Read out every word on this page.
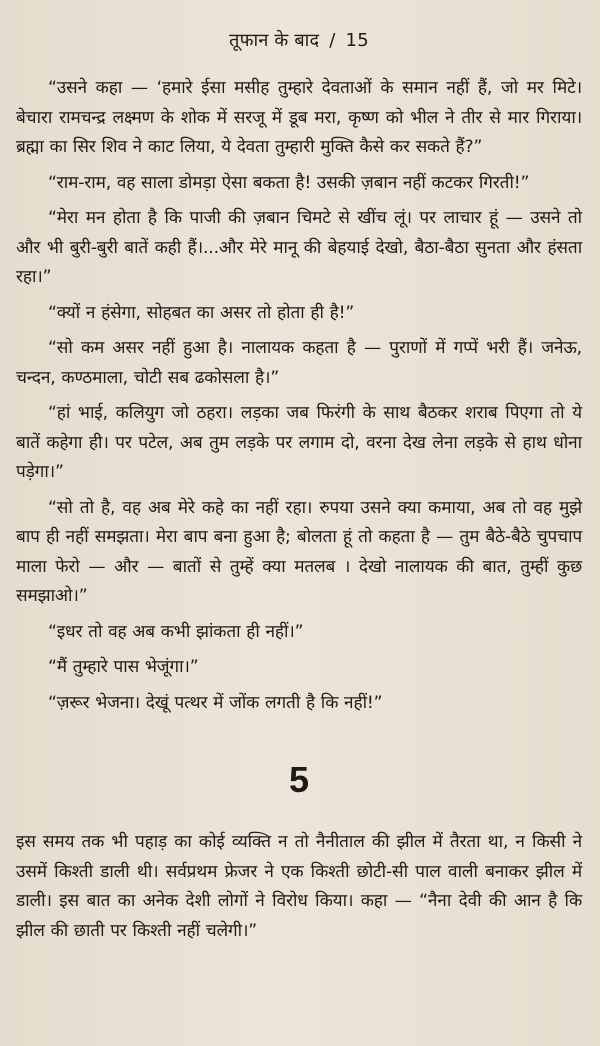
तूफान के बाद / 15

“उसने कहा — ‘हमारे ईसा मसीह तुम्हारे देवताओं के समान नहीं हैं, जो मर मिटे। बेचारा रामचन्द्र लक्ष्मण के शोक में सरजू में डूब मरा, कृष्ण को भील ने तीर से मार गिराया। ब्रह्मा का सिर शिव ने काट लिया, ये देवता तुम्हारी मुक्ति कैसे कर सकते हैं?”

“राम-राम, वह साला डोमड़ा ऐसा बकता है! उसकी ज़बान नहीं कटकर गिरती!”

“मेरा मन होता है कि पाजी की ज़बान चिमटे से खींच लूं। पर लाचार हूं — उसने तो और भी बुरी-बुरी बातें कही हैं।...और मेरे मानू की बेहयाई देखो, बैठा-बैठा सुनता और हंसता रहा।”

“क्यों न हंसेगा, सोहबत का असर तो होता ही है!”

“सो कम असर नहीं हुआ है। नालायक कहता है — पुराणों में गप्पें भरी हैं। जनेऊ, चन्दन, कण्ठमाला, चोटी सब ढकोसला है।”

“हां भाई, कलियुग जो ठहरा। लड़का जब फिरंगी के साथ बैठकर शराब पिएगा तो ये बातें कहेगा ही। पर पटेल, अब तुम लड़के पर लगाम दो, वरना देख लेना लड़के से हाथ धोना पड़ेगा।”

“सो तो है, वह अब मेरे कहे का नहीं रहा। रुपया उसने क्या कमाया, अब तो वह मुझे बाप ही नहीं समझता। मेरा बाप बना हुआ है; बोलता हूं तो कहता है — तुम बैठे-बैठे चुपचाप माला फेरो — और — बातों से तुम्हें क्या मतलब । देखो नालायक की बात, तुम्हीं कुछ समझाओ।”

“इधर तो वह अब कभी झांकता ही नहीं।”

“मैं तुम्हारे पास भेजूंगा।”

“ज़रूर भेजना। देखूं पत्थर में जोंक लगती है कि नहीं!”

5

इस समय तक भी पहाड़ का कोई व्यक्ति न तो नैनीताल की झील में तैरता था, न किसी ने उसमें किश्ती डाली थी। सर्वप्रथम फ्रेजर ने एक किश्ती छोटी-सी पाल वाली बनाकर झील में डाली। इस बात का अनेक देशी लोगों ने विरोध किया। कहा — “नैना देवी की आन है कि झील की छाती पर किश्ती नहीं चलेगी।”
